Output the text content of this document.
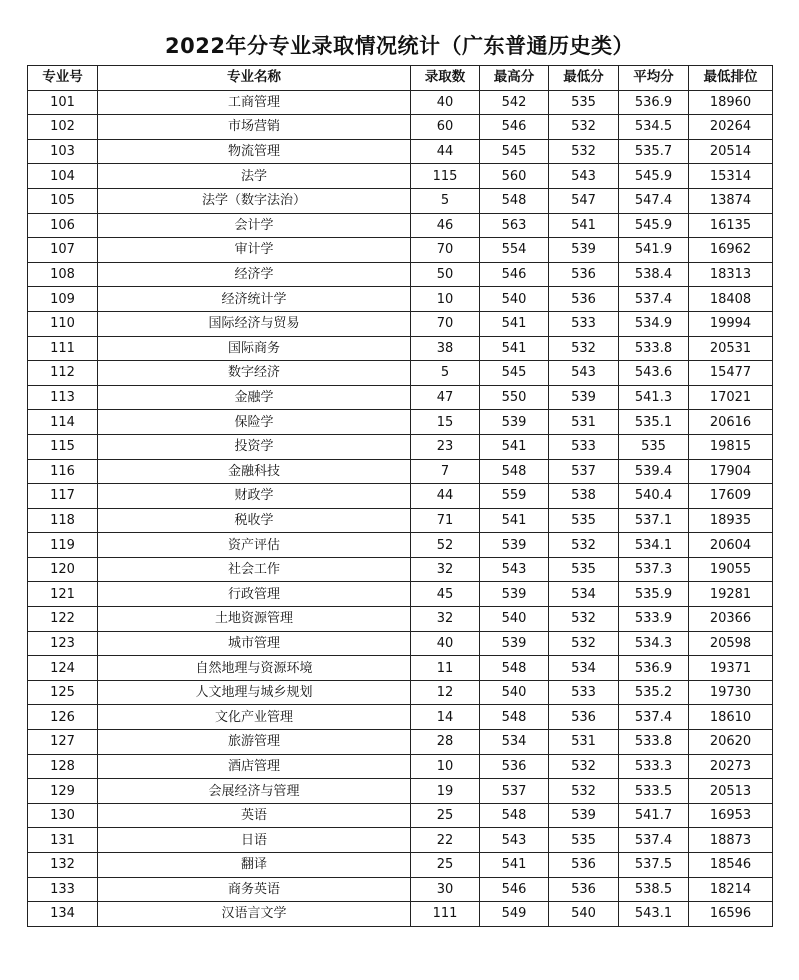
2022年分专业录取情况统计（广东普通历史类）
专业号	专业名称	录取数	最高分	最低分	平均分	最低排位
101	工商管理	40	542	535	536.9	18960
102	市场营销	60	546	532	534.5	20264
103	物流管理	44	545	532	535.7	20514
104	法学	115	560	543	545.9	15314
105	法学（数字法治）	5	548	547	547.4	13874
106	会计学	46	563	541	545.9	16135
107	审计学	70	554	539	541.9	16962
108	经济学	50	546	536	538.4	18313
109	经济统计学	10	540	536	537.4	18408
110	国际经济与贸易	70	541	533	534.9	19994
111	国际商务	38	541	532	533.8	20531
112	数字经济	5	545	543	543.6	15477
113	金融学	47	550	539	541.3	17021
114	保险学	15	539	531	535.1	20616
115	投资学	23	541	533	535	19815
116	金融科技	7	548	537	539.4	17904
117	财政学	44	559	538	540.4	17609
118	税收学	71	541	535	537.1	18935
119	资产评估	52	539	532	534.1	20604
120	社会工作	32	543	535	537.3	19055
121	行政管理	45	539	534	535.9	19281
122	土地资源管理	32	540	532	533.9	20366
123	城市管理	40	539	532	534.3	20598
124	自然地理与资源环境	11	548	534	536.9	19371
125	人文地理与城乡规划	12	540	533	535.2	19730
126	文化产业管理	14	548	536	537.4	18610
127	旅游管理	28	534	531	533.8	20620
128	酒店管理	10	536	532	533.3	20273
129	会展经济与管理	19	537	532	533.5	20513
130	英语	25	548	539	541.7	16953
131	日语	22	543	535	537.4	18873
132	翻译	25	541	536	537.5	18546
133	商务英语	30	546	536	538.5	18214
134	汉语言文学	111	549	540	543.1	16596
